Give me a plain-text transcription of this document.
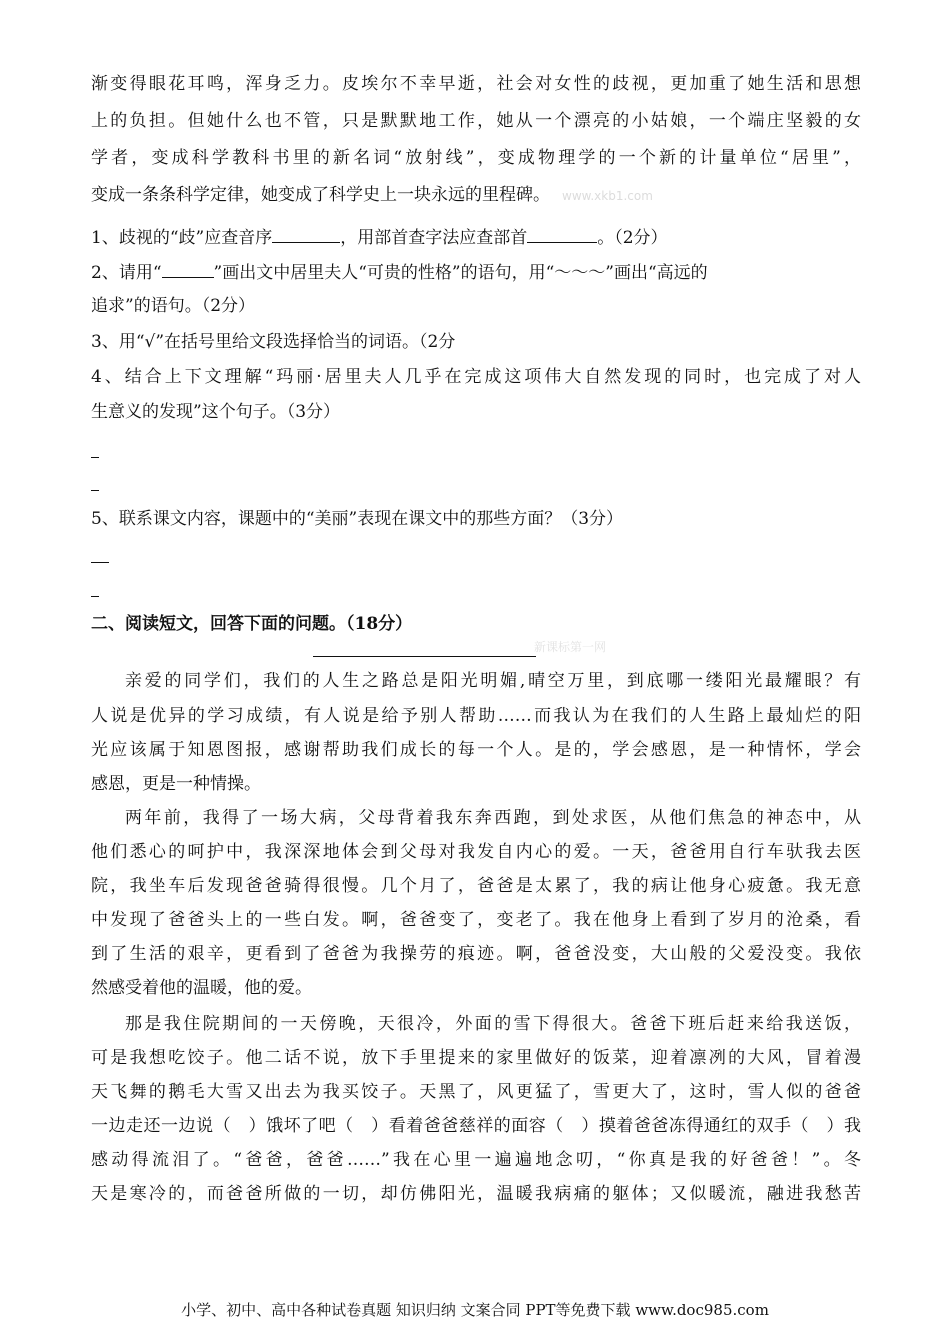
渐变得眼花耳鸣，浑身乏力。皮埃尔不幸早逝，社会对女性的歧视，更加重了她生活和思想
上的负担。但她什么也不管，只是默默地工作，她从一个漂亮的小姑娘，一个端庄坚毅的女
学者，变成科学教科书里的新名词“放射线”，变成物理学的一个新的计量单位“居里”，
变成一条条科学定律，她变成了科学史上一块永远的里程碑。 www.xkb1.com
1、歧视的“歧”应查音序	，用部首查字法应查部首	。（2分）
2、请用“	”画出文中居里夫人“可贵的性格”的语句，用“～～～”画出“高远的
追求”的语句。（2分）
3、用“√”在括号里给文段选择恰当的词语。（2分
4、结合上下文理解“玛丽·居里夫人几乎在完成这项伟大自然发现的同时，也完成了对人
生意义的发现”这个句子。（3分）
5、联系课文内容，课题中的“美丽”表现在课文中的那些方面？（3分）
二、阅读短文，回答下面的问题。（18分）
新课标第一网
亲爱的同学们，我们的人生之路总是阳光明媚,晴空万里，到底哪一缕阳光最耀眼？有
人说是优异的学习成绩，有人说是给予别人帮助……而我认为在我们的人生路上最灿烂的阳
光应该属于知恩图报，感谢帮助我们成长的每一个人。是的，学会感恩，是一种情怀，学会
感恩，更是一种情操。
两年前，我得了一场大病，父母背着我东奔西跑，到处求医，从他们焦急的神态中，从
他们悉心的呵护中，我深深地体会到父母对我发自内心的爱。一天，爸爸用自行车驮我去医
院，我坐车后发现爸爸骑得很慢。几个月了，爸爸是太累了，我的病让他身心疲惫。我无意
中发现了爸爸头上的一些白发。啊，爸爸变了，变老了。我在他身上看到了岁月的沧桑，看
到了生活的艰辛，更看到了爸爸为我操劳的痕迹。啊，爸爸没变，大山般的父爱没变。我依
然感受着他的温暖，他的爱。
那是我住院期间的一天傍晚，天很冷，外面的雪下得很大。爸爸下班后赶来给我送饭，
可是我想吃饺子。他二话不说，放下手里提来的家里做好的饭菜，迎着凛冽的大风，冒着漫
天飞舞的鹅毛大雪又出去为我买饺子。天黑了，风更猛了，雪更大了，这时，雪人似的爸爸
一边走还一边说（　）饿坏了吧（　）看着爸爸慈祥的面容（　）摸着爸爸冻得通红的双手（　）我
感动得流泪了。“爸爸，爸爸……”我在心里一遍遍地念叨，“你真是我的好爸爸！”。冬
天是寒冷的，而爸爸所做的一切，却仿佛阳光，温暖我病痛的躯体；又似暖流，融进我愁苦
小学、初中、高中各种试卷真题 知识归纳 文案合同 PPT等免费下载 www.doc985.com
